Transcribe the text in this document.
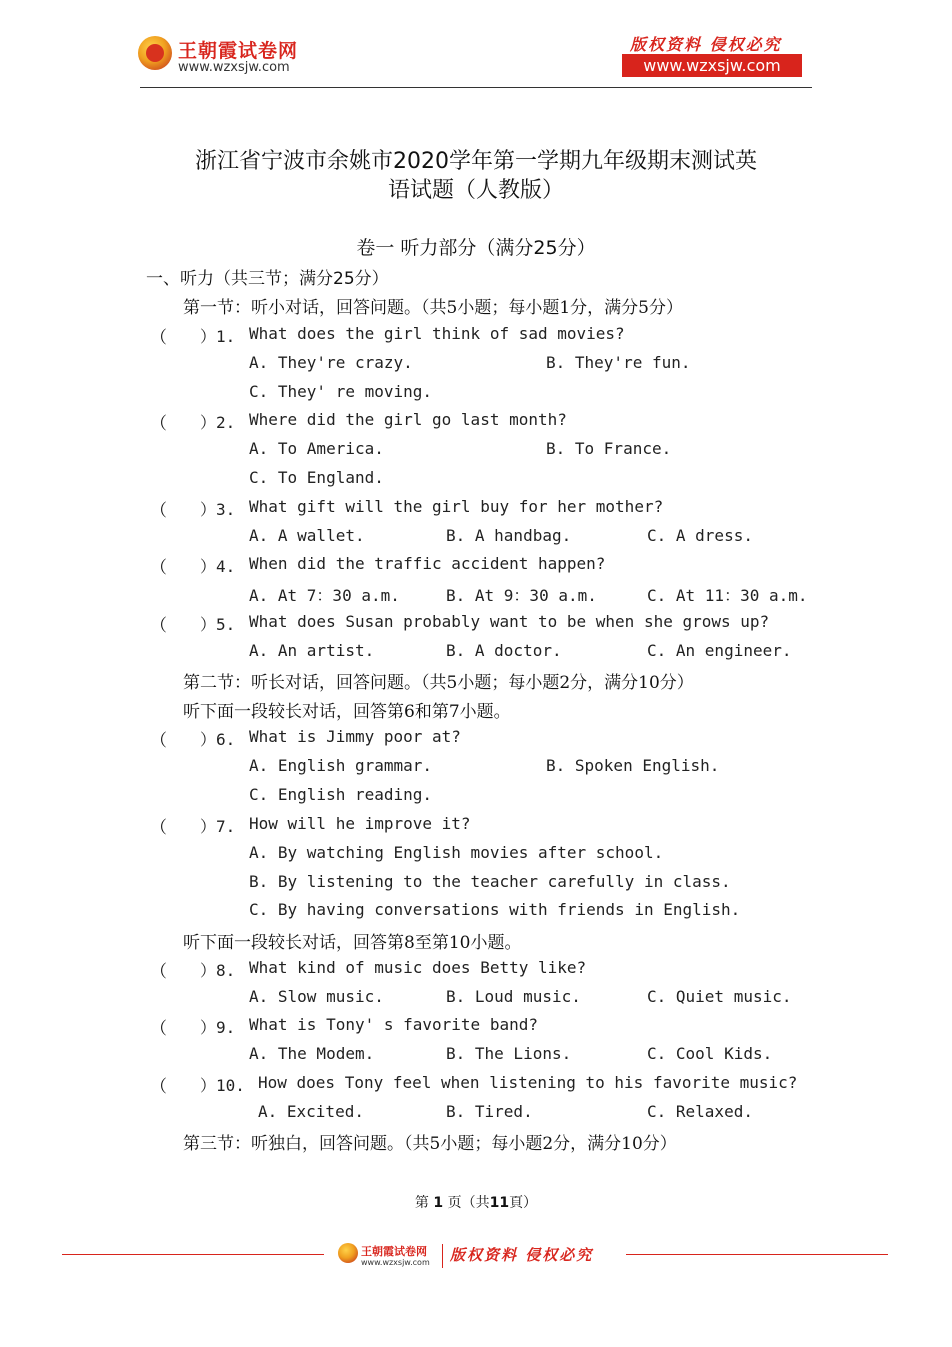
王朝霞试卷网
www.wzxsjw.com
版权资料 侵权必究
www.wzxsjw.com
浙江省宁波市余姚市2020学年第一学期九年级期末测试英
语试题（人教版）
卷一 听力部分（满分25分）
一、听力（共三节；满分25分）
第一节：听小对话，回答问题。（共5小题；每小题1分，满分5分）
（ ）1. What does the girl think of sad movies?
A. They're crazy.	B. They're fun.
C. They' re moving.
（ ）2. Where did the girl go last month?
A. To America.	B. To France.
C. To England.
（ ）3. What gift will the girl buy for her mother?
A. A wallet.	B. A handbag.	C. A dress.
（ ）4. When did the traffic accident happen?
A. At 7：30 a.m.	B. At 9：30 a.m.	C. At 11：30 a.m.
（ ）5. What does Susan probably want to be when she grows up?
A. An artist.	B. A doctor.	C. An engineer.
第二节：听长对话，回答问题。（共5小题；每小题2分，满分10分）
听下面一段较长对话，回答第6和第7小题。
（ ）6. What is Jimmy poor at?
A. English grammar.	B. Spoken English.
C. English reading.
（ ）7. How will he improve it?
A. By watching English movies after school.
B. By listening to the teacher carefully in class.
C. By having conversations with friends in English.
听下面一段较长对话，回答第8至第10小题。
（ ）8. What kind of music does Betty like?
A. Slow music.	B. Loud music.	C. Quiet music.
（ ）9. What is Tony' s favorite band?
A. The Modem.	B. The Lions.	C. Cool Kids.
（ ）10. How does Tony feel when listening to his favorite music?
A. Excited.	B. Tired.	C. Relaxed.
第三节：听独白，回答问题。（共5小题；每小题2分，满分10分）
第 1 页（共11頁）
王朝霞试卷网
www.wzxsjw.com 版权资料 侵权必究
